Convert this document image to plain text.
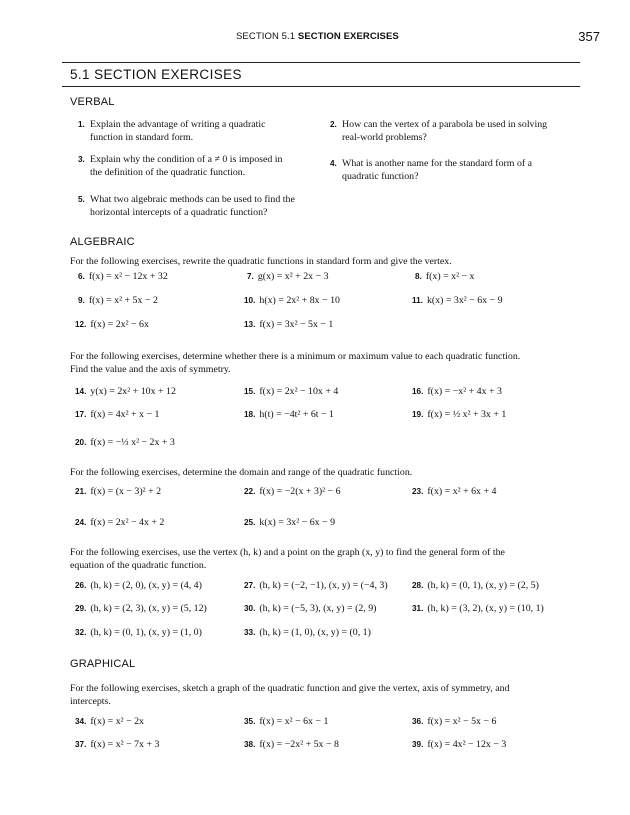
SECTION 5.1 SECTION EXERCISES	357
5.1 SECTION EXERCISES
VERBAL
1. Explain the advantage of writing a quadratic
function in standard form.
2. How can the vertex of a parabola be used in solving
real-world problems?
3. Explain why the condition of a ≠ 0 is imposed in
the definition of the quadratic function.
4. What is another name for the standard form of a
quadratic function?
5. What two algebraic methods can be used to find the
horizontal intercepts of a quadratic function?
ALGEBRAIC
For the following exercises, rewrite the quadratic functions in standard form and give the vertex.
6. f(x) = x² − 12x + 32	7. g(x) = x² + 2x − 3	8. f(x) = x² − x
9. f(x) = x² + 5x − 2	10. h(x) = 2x² + 8x − 10	11. k(x) = 3x² − 6x − 9
12. f(x) = 2x² − 6x	13. f(x) = 3x² − 5x − 1
For the following exercises, determine whether there is a minimum or maximum value to each quadratic function.
Find the value and the axis of symmetry.
14. y(x) = 2x² + 10x + 12	15. f(x) = 2x² − 10x + 4	16. f(x) = −x² + 4x + 3
17. f(x) = 4x² + x − 1	18. h(t) = −4t² + 6t − 1	19. f(x) = ½ x² + 3x + 1
20. f(x) = −⅓ x² − 2x + 3
For the following exercises, determine the domain and range of the quadratic function.
21. f(x) = (x − 3)² + 2	22. f(x) = −2(x + 3)² − 6	23. f(x) = x² + 6x + 4
24. f(x) = 2x² − 4x + 2	25. k(x) = 3x² − 6x − 9
For the following exercises, use the vertex (h, k) and a point on the graph (x, y) to find the general form of the
equation of the quadratic function.
26. (h, k) = (2, 0), (x, y) = (4, 4)	27. (h, k) = (−2, −1), (x, y) = (−4, 3)	28. (h, k) = (0, 1), (x, y) = (2, 5)
29. (h, k) = (2, 3), (x, y) = (5, 12)	30. (h, k) = (−5, 3), (x, y) = (2, 9)	31. (h, k) = (3, 2), (x, y) = (10, 1)
32. (h, k) = (0, 1), (x, y) = (1, 0)	33. (h, k) = (1, 0), (x, y) = (0, 1)
GRAPHICAL
For the following exercises, sketch a graph of the quadratic function and give the vertex, axis of symmetry, and
intercepts.
34. f(x) = x² − 2x	35. f(x) = x² − 6x − 1	36. f(x) = x² − 5x − 6
37. f(x) = x² − 7x + 3	38. f(x) = −2x² + 5x − 8	39. f(x) = 4x² − 12x − 3
